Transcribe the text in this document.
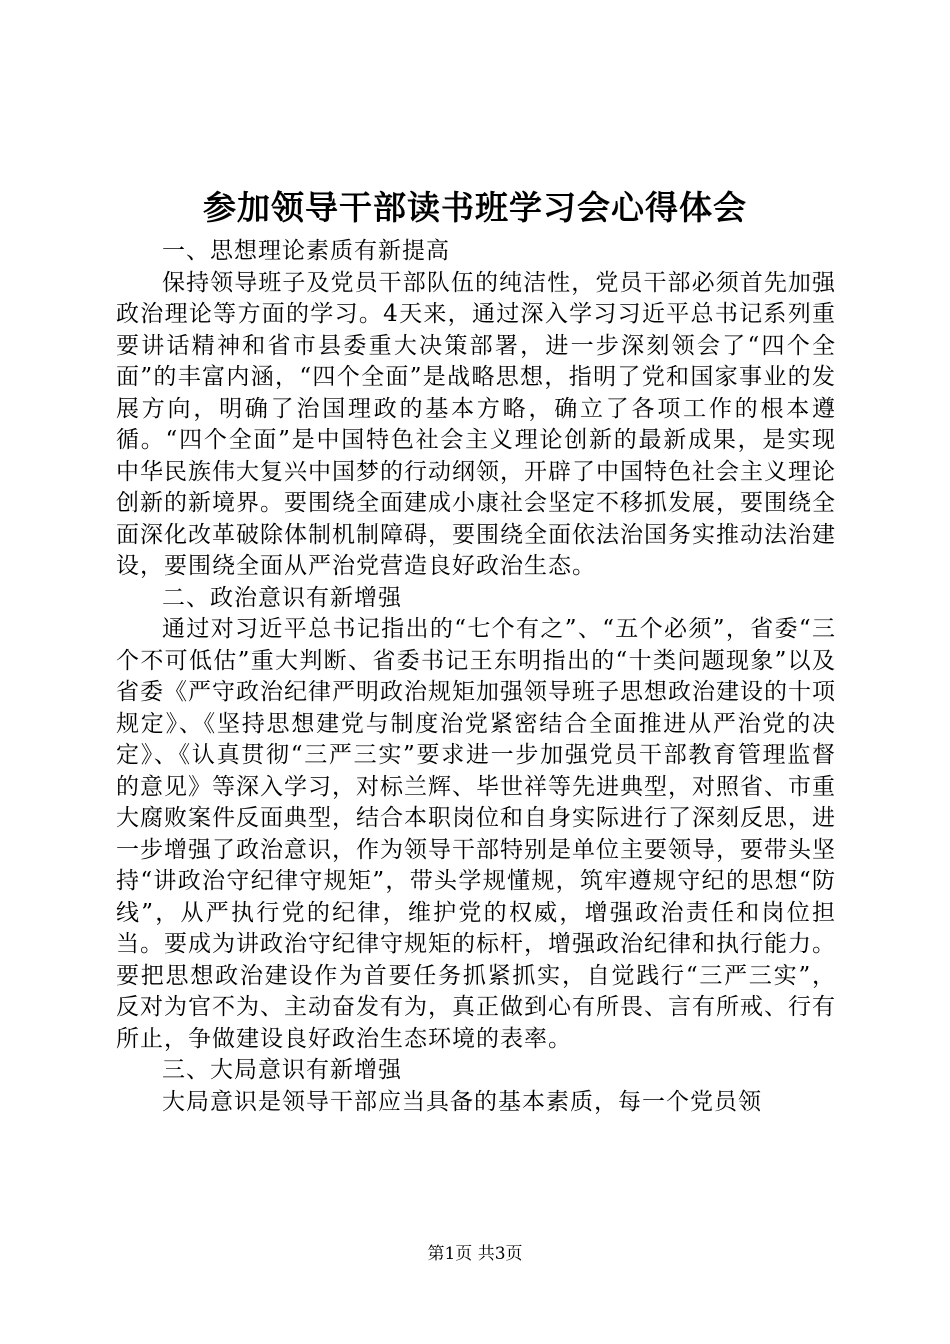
参加领导干部读书班学习会心得体会

一、思想理论素质有新提高

保持领导班子及党员干部队伍的纯洁性，党员干部必须首先加强政治理论等方面的学习。4天来，通过深入学习习近平总书记系列重要讲话精神和省市县委重大决策部署，进一步深刻领会了“四个全面”的丰富内涵，“四个全面”是战略思想，指明了党和国家事业的发展方向，明确了治国理政的基本方略，确立了各项工作的根本遵循。“四个全面”是中国特色社会主义理论创新的最新成果，是实现中华民族伟大复兴中国梦的行动纲领，开辟了中国特色社会主义理论创新的新境界。要围绕全面建成小康社会坚定不移抓发展，要围绕全面深化改革破除体制机制障碍，要围绕全面依法治国务实推动法治建设，要围绕全面从严治党营造良好政治生态。

二、政治意识有新增强

通过对习近平总书记指出的“七个有之”、“五个必须”，省委“三个不可低估”重大判断、省委书记王东明指出的“十类问题现象”以及省委《严守政治纪律严明政治规矩加强领导班子思想政治建设的十项规定》、《坚持思想建党与制度治党紧密结合全面推进从严治党的决定》、《认真贯彻“三严三实”要求进一步加强党员干部教育管理监督的意见》等深入学习，对标兰辉、毕世祥等先进典型，对照省、市重大腐败案件反面典型，结合本职岗位和自身实际进行了深刻反思，进一步增强了政治意识，作为领导干部特别是单位主要领导，要带头坚持“讲政治守纪律守规矩”，带头学规懂规，筑牢遵规守纪的思想“防线”，从严执行党的纪律，维护党的权威，增强政治责任和岗位担当。要成为讲政治守纪律守规矩的标杆，增强政治纪律和执行能力。要把思想政治建设作为首要任务抓紧抓实，自觉践行“三严三实”，反对为官不为、主动奋发有为，真正做到心有所畏、言有所戒、行有所止，争做建设良好政治生态环境的表率。

三、大局意识有新增强

大局意识是领导干部应当具备的基本素质，每一个党员领

第1页 共3页
